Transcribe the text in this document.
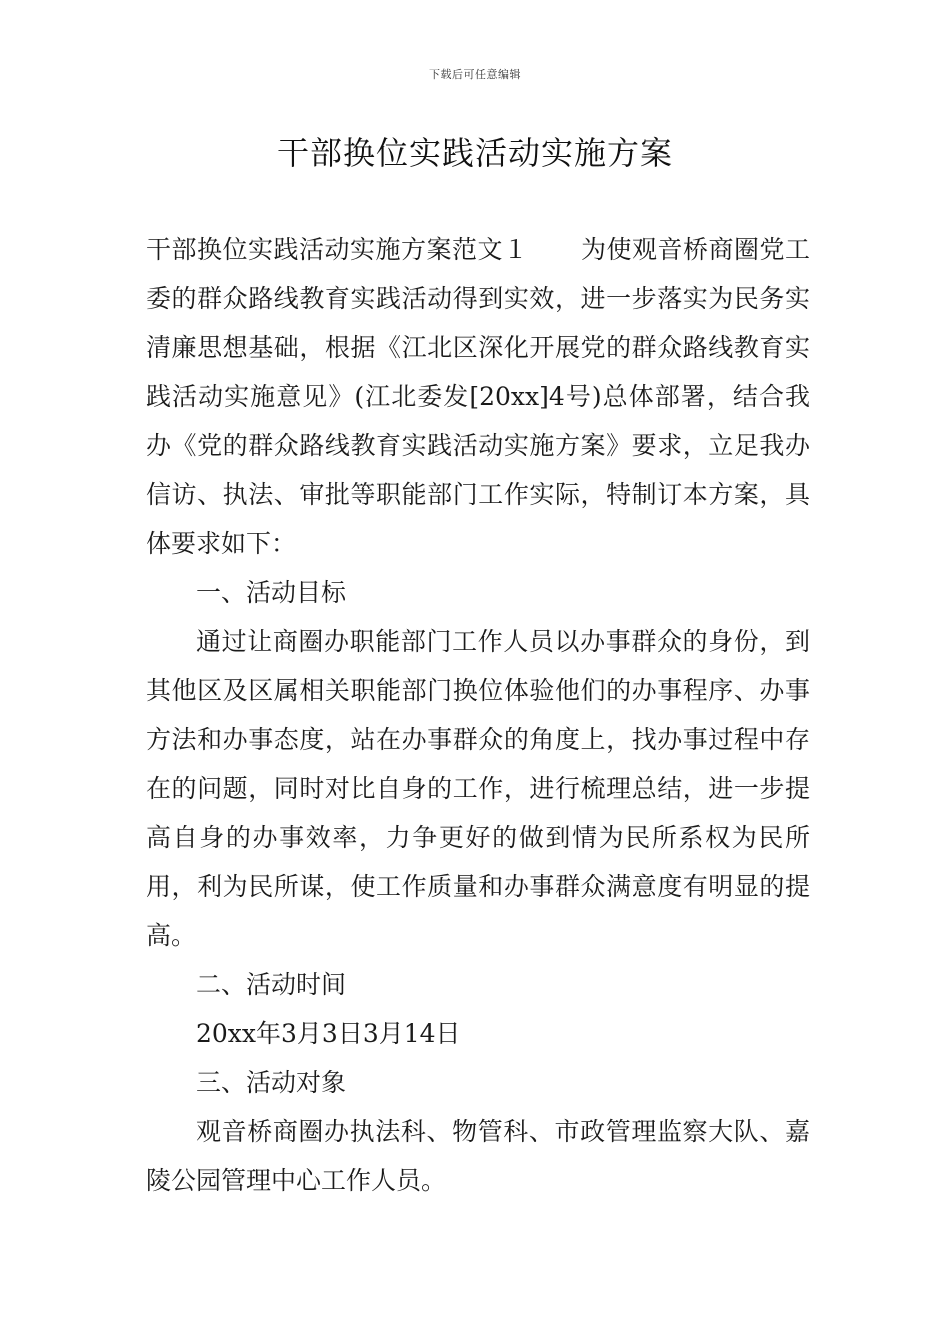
下载后可任意编辑
干部换位实践活动实施方案

干部换位实践活动实施方案范文１ 为使观音桥商圈党工委的群众路线教育实践活动得到实效，进一步落实为民务实清廉思想基础，根据《江北区深化开展党的群众路线教育实践活动实施意见》(江北委发[20xx]4号)总体部署，结合我办《党的群众路线教育实践活动实施方案》要求，立足我办信访、执法、审批等职能部门工作实际，特制订本方案，具体要求如下：

一、活动目标

通过让商圈办职能部门工作人员以办事群众的身份，到其他区及区属相关职能部门换位体验他们的办事程序、办事方法和办事态度，站在办事群众的角度上，找办事过程中存在的问题，同时对比自身的工作，进行梳理总结，进一步提高自身的办事效率，力争更好的做到情为民所系权为民所用，利为民所谋，使工作质量和办事群众满意度有明显的提高。

二、活动时间

20xx年3月3日3月14日

三、活动对象

观音桥商圈办执法科、物管科、市政管理监察大队、嘉陵公园管理中心工作人员。
